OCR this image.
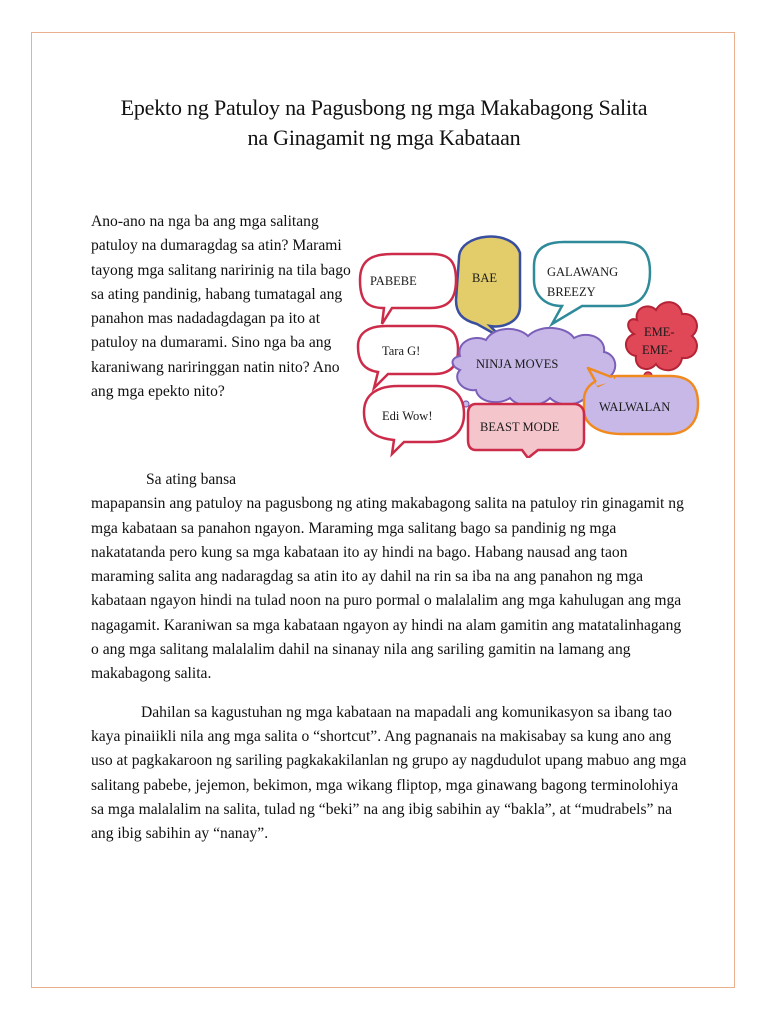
Epekto ng Patuloy na Pagusbong ng mga Makabagong Salita
na Ginagamit ng mga Kabataan

Ano-ano na nga ba ang mga salitang patuloy na dumaragdag sa atin? Marami tayong mga salitang naririnig na tila bago sa ating pandinig, habang tumatagal ang panahon mas nadadagdagan pa ito at patuloy na dumarami. Sino nga ba ang karaniwang nariringgan natin nito? Ano ang mga epekto nito?

BAE
PABEBE
GALAWANG
BREEZY
EME-
EME-
Tara G!
NINJA MOVES
WALWALAN
Edi Wow!
BEAST MODE

Sa ating bansa
mapapansin ang patuloy na pagusbong ng ating makabagong salita na patuloy rin ginagamit ng mga kabataan sa panahon ngayon. Maraming mga salitang bago sa pandinig ng mga nakatatanda pero kung sa mga kabataan ito ay hindi na bago. Habang nausad ang taon maraming salita ang nadaragdag sa atin ito ay dahil na rin sa iba na ang panahon ng mga kabataan ngayon hindi na tulad noon na puro pormal o malalalim ang mga kahulugan ang mga nagagamit. Karaniwan sa mga kabataan ngayon ay hindi na alam gamitin ang matatalinhagang o ang mga salitang malalalim dahil na sinanay nila ang sariling gamitin na lamang ang makabagong salita.

Dahilan sa kagustuhan ng mga kabataan na mapadali ang komunikasyon sa ibang tao kaya pinaiikli nila ang mga salita o “shortcut”. Ang pagnanais na makisabay sa kung ano ang uso at pagkakaroon ng sariling pagkakakilanlan ng grupo ay nagdudulot upang mabuo ang mga salitang pabebe, jejemon, bekimon, mga wikang fliptop, mga ginawang bagong terminolohiya sa mga malalalim na salita, tulad ng “beki” na ang ibig sabihin ay “bakla”, at “mudrabels” na ang ibig sabihin ay “nanay”.
